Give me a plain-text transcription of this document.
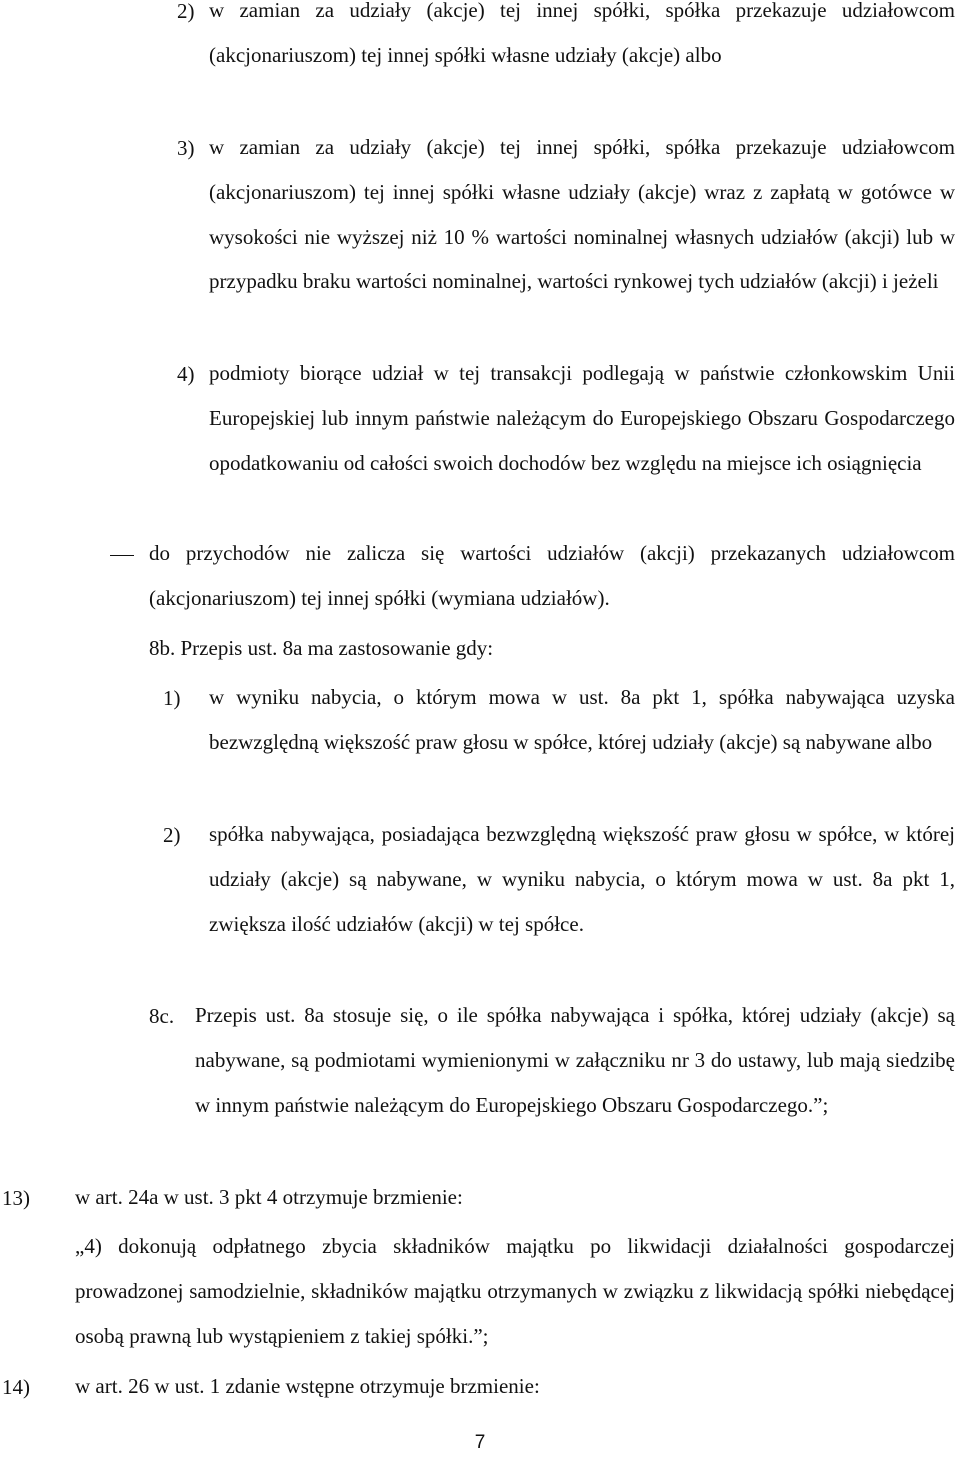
2) w zamian za udziały (akcje) tej innej spółki, spółka przekazuje udziałowcom (akcjonariuszom) tej innej spółki własne udziały (akcje) albo

3) w zamian za udziały (akcje) tej innej spółki, spółka przekazuje udziałowcom (akcjonariuszom) tej innej spółki własne udziały (akcje) wraz z zapłatą w gotówce w wysokości nie wyższej niż 10 % wartości nominalnej własnych udziałów (akcji) lub w przypadku braku wartości nominalnej, wartości rynkowej tych udziałów (akcji) i jeżeli

4) podmioty biorące udział w tej transakcji podlegają w państwie członkowskim Unii Europejskiej lub innym państwie należącym do Europejskiego Obszaru Gospodarczego opodatkowaniu od całości swoich dochodów bez względu na miejsce ich osiągnięcia

do przychodów nie zalicza się wartości udziałów (akcji) przekazanych udziałowcom (akcjonariuszom) tej innej spółki (wymiana udziałów).

8b. Przepis ust. 8a ma zastosowanie gdy:

1) w wyniku nabycia, o którym mowa w ust. 8a pkt 1, spółka nabywająca uzyska bezwzględną większość praw głosu w spółce, której udziały (akcje) są nabywane albo

2) spółka nabywająca, posiadająca bezwzględną większość praw głosu w spółce, w której udziały (akcje) są nabywane, w wyniku nabycia, o którym mowa w ust. 8a pkt 1, zwiększa ilość udziałów (akcji) w tej spółce.

8c. Przepis ust. 8a stosuje się, o ile spółka nabywająca i spółka, której udziały (akcje) są nabywane, są podmiotami wymienionymi w załączniku nr 3 do ustawy, lub mają siedzibę w innym państwie należącym do Europejskiego Obszaru Gospodarczego.”;

13) w art. 24a w ust. 3 pkt 4 otrzymuje brzmienie:

„4) dokonują odpłatnego zbycia składników majątku po likwidacji działalności gospodarczej prowadzonej samodzielnie, składników majątku otrzymanych w związku z likwidacją spółki niebędącej osobą prawną lub wystąpieniem z takiej spółki.”;

14) w art. 26 w ust. 1 zdanie wstępne otrzymuje brzmienie:

7
